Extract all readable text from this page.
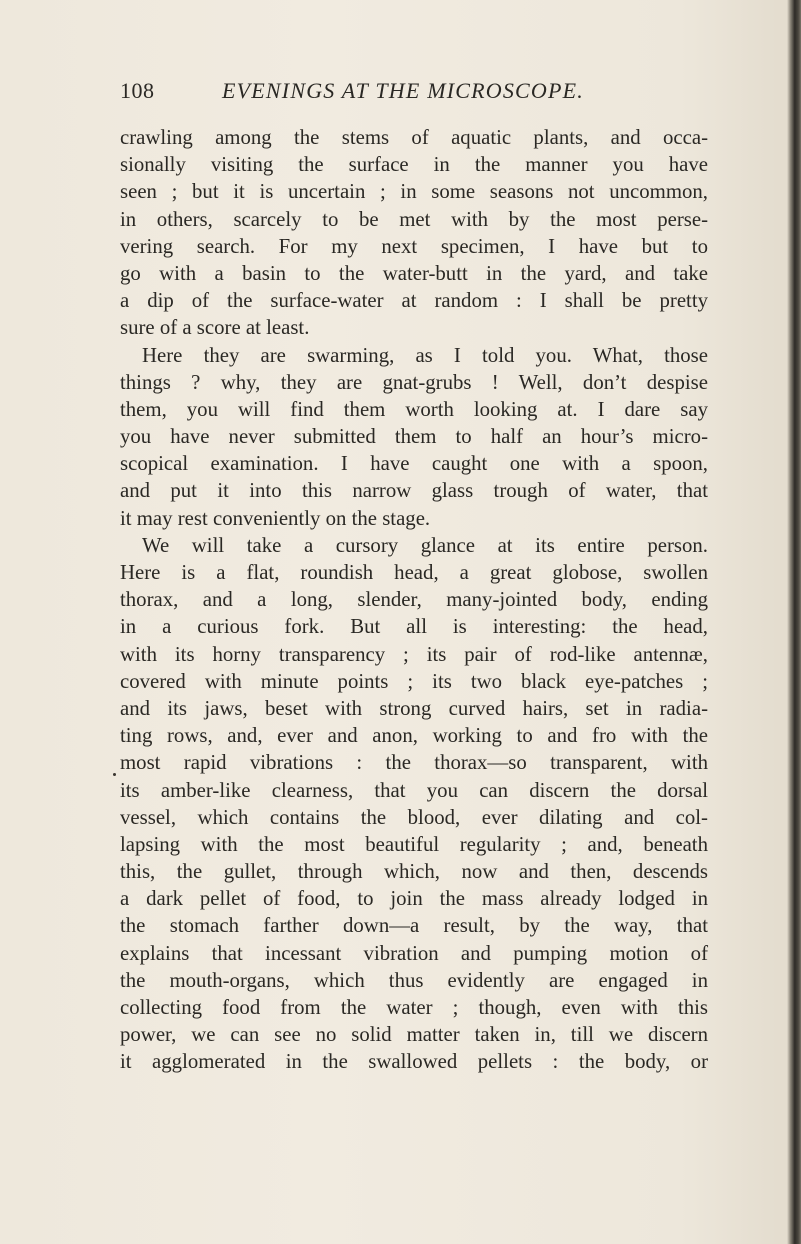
108	EVENINGS AT THE MICROSCOPE.
crawling among the stems of aquatic plants, and occa-
sionally visiting the surface in the manner you have
seen ; but it is uncertain ; in some seasons not uncommon,
in others, scarcely to be met with by the most perse-
vering search. For my next specimen, I have but to
go with a basin to the water-butt in the yard, and take
a dip of the surface-water at random : I shall be pretty
sure of a score at least.
Here they are swarming, as I told you. What, those
things ? why, they are gnat-grubs ! Well, don’t despise
them, you will find them worth looking at. I dare say
you have never submitted them to half an hour’s micro-
scopical examination. I have caught one with a spoon,
and put it into this narrow glass trough of water, that
it may rest conveniently on the stage.
We will take a cursory glance at its entire person.
Here is a flat, roundish head, a great globose, swollen
thorax, and a long, slender, many-jointed body, ending
in a curious fork. But all is interesting: the head,
with its horny transparency ; its pair of rod-like antennæ,
covered with minute points ; its two black eye-patches ;
and its jaws, beset with strong curved hairs, set in radia-
ting rows, and, ever and anon, working to and fro with the
most rapid vibrations : the thorax—so transparent, with
its amber-like clearness, that you can discern the dorsal
vessel, which contains the blood, ever dilating and col-
lapsing with the most beautiful regularity ; and, beneath
this, the gullet, through which, now and then, descends
a dark pellet of food, to join the mass already lodged in
the stomach farther down—a result, by the way, that
explains that incessant vibration and pumping motion of
the mouth-organs, which thus evidently are engaged in
collecting food from the water ; though, even with this
power, we can see no solid matter taken in, till we discern
it agglomerated in the swallowed pellets : the body, or
